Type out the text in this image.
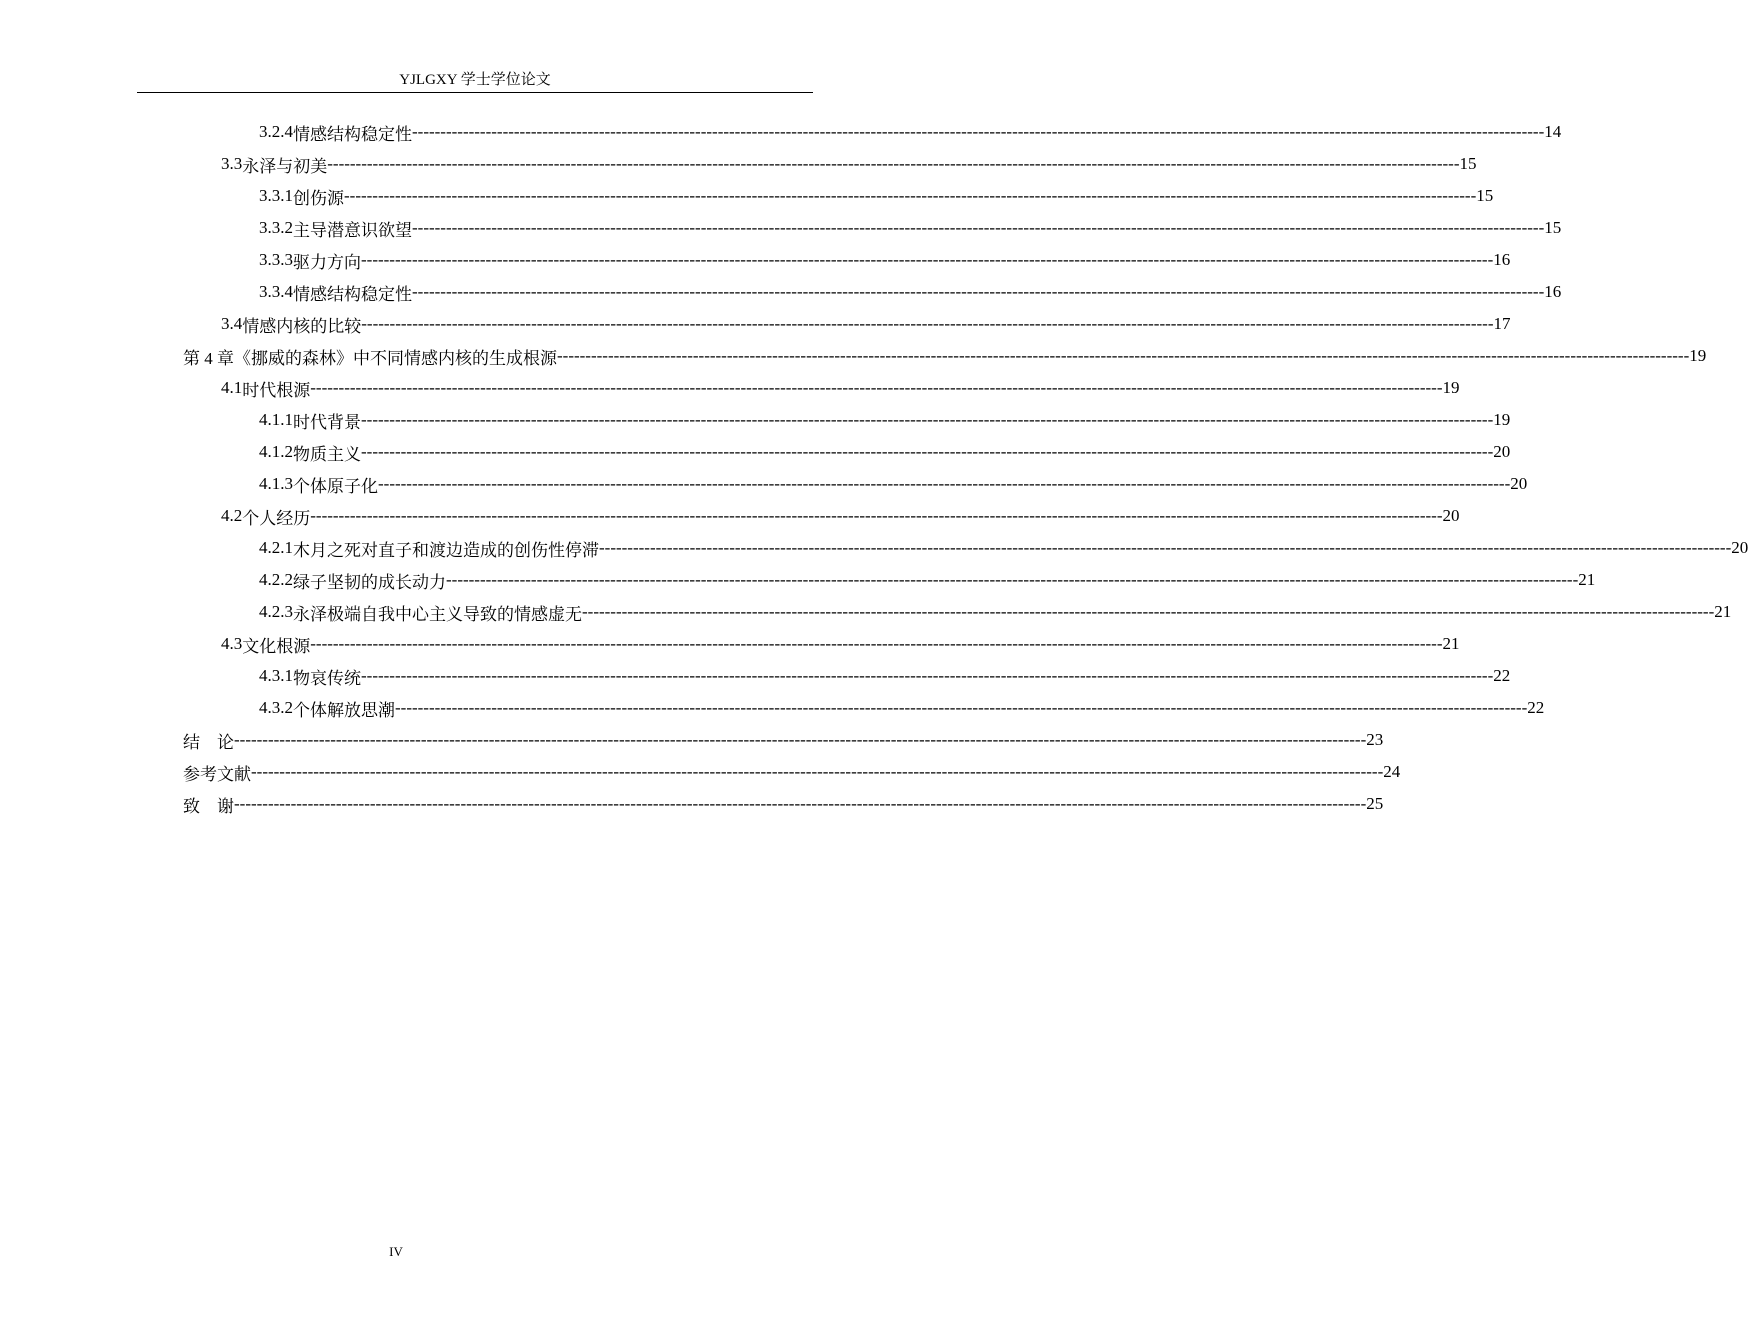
YJLGXY 学士学位论文
3.2.4 情感结构稳定性 -------------------------------------------------------------------------------------------------------------------------------------------------------------------------------------------------------- 14
3.3 永泽与初美 -------------------------------------------------------------------------------------------------------------------------------------------------------------------------------------------------------- 15
3.3.1 创伤源 -------------------------------------------------------------------------------------------------------------------------------------------------------------------------------------------------------- 15
3.3.2 主导潜意识欲望 -------------------------------------------------------------------------------------------------------------------------------------------------------------------------------------------------------- 15
3.3.3 驱力方向 -------------------------------------------------------------------------------------------------------------------------------------------------------------------------------------------------------- 16
3.3.4 情感结构稳定性 -------------------------------------------------------------------------------------------------------------------------------------------------------------------------------------------------------- 16
3.4 情感内核的比较 -------------------------------------------------------------------------------------------------------------------------------------------------------------------------------------------------------- 17
第 4 章 《挪威的森林》中不同情感内核的生成根源 -------------------------------------------------------------------------------------------------------------------------------------------------------------------------------------------------------- 19
4.1 时代根源 -------------------------------------------------------------------------------------------------------------------------------------------------------------------------------------------------------- 19
4.1.1 时代背景 -------------------------------------------------------------------------------------------------------------------------------------------------------------------------------------------------------- 19
4.1.2 物质主义 -------------------------------------------------------------------------------------------------------------------------------------------------------------------------------------------------------- 20
4.1.3 个体原子化 -------------------------------------------------------------------------------------------------------------------------------------------------------------------------------------------------------- 20
4.2 个人经历 -------------------------------------------------------------------------------------------------------------------------------------------------------------------------------------------------------- 20
4.2.1 木月之死对直子和渡边造成的创伤性停滞 -------------------------------------------------------------------------------------------------------------------------------------------------------------------------------------------------------- 20
4.2.2 绿子坚韧的成长动力 -------------------------------------------------------------------------------------------------------------------------------------------------------------------------------------------------------- 21
4.2.3 永泽极端自我中心主义导致的情感虚无 -------------------------------------------------------------------------------------------------------------------------------------------------------------------------------------------------------- 21
4.3 文化根源 -------------------------------------------------------------------------------------------------------------------------------------------------------------------------------------------------------- 21
4.3.1 物哀传统 -------------------------------------------------------------------------------------------------------------------------------------------------------------------------------------------------------- 22
4.3.2 个体解放思潮 -------------------------------------------------------------------------------------------------------------------------------------------------------------------------------------------------------- 22
结　论 -------------------------------------------------------------------------------------------------------------------------------------------------------------------------------------------------------- 23
参考文献 -------------------------------------------------------------------------------------------------------------------------------------------------------------------------------------------------------- 24
致　谢 -------------------------------------------------------------------------------------------------------------------------------------------------------------------------------------------------------- 25
IV
